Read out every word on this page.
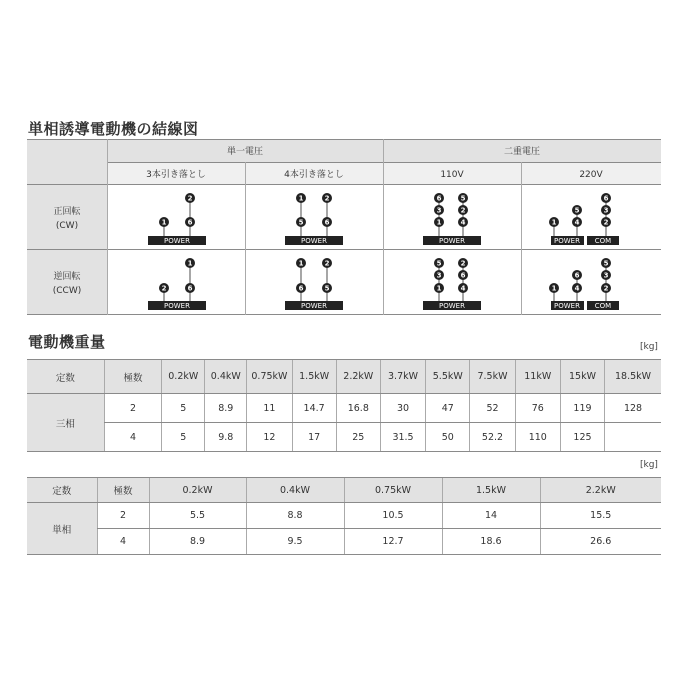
単相誘導電動機の結線図
単一電圧	二重電圧
3本引き落とし	4本引き落とし	110V	220V
正回転
(CW)
逆回転
(CCW)
2
1	6
POWER
1	2
5	6
POWER
6	5
3	2
1	4
POWER
6
5	3
2
1	4
POWER COM
1
2	6
POWER
1	2
6	5
POWER
5	2
3	6
1	4
POWER
5
6	3
1	4	2
POWER COM
電動機重量	[kg]
定数	極数	0.2kW	0.4kW	0.75kW	1.5kW	2.2kW	3.7kW	5.5kW	7.5kW	11kW	15kW	18.5kW
三相	2	5	8.9	11	14.7	16.8	30	47	52	76	119	128
	4	5	9.8	12	17	25	31.5	50	52.2	110	125	
[kg]
定数	極数	0.2kW	0.4kW	0.75kW	1.5kW	2.2kW
単相	2	5.5	8.8	10.5	14	15.5
	4	8.9	9.5	12.7	18.6	26.6
